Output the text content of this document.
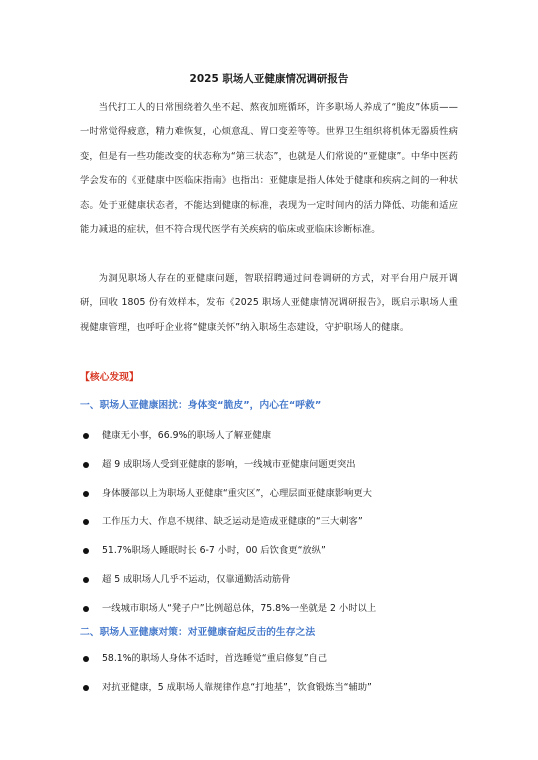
2025 职场人亚健康情况调研报告

当代打工人的日常围绕着久坐不起、熬夜加班循环，许多职场人养成了“脆皮”体质——一时常觉得疲意，精力难恢复，心烦意乱、胃口变差等等。世界卫生组织将机体无器质性病变，但是有一些功能改变的状态称为“第三状态”，也就是人们常说的“亚健康”。中华中医药学会发布的《亚健康中医临床指南》也指出：亚健康是指人体处于健康和疾病之间的一种状态。处于亚健康状态者，不能达到健康的标准，表现为一定时间内的活力降低、功能和适应能力减退的症状，但不符合现代医学有关疾病的临床或亚临床诊断标准。

为洞见职场人存在的亚健康问题，智联招聘通过问卷调研的方式，对平台用户展开调研，回收 1805 份有效样本，发布《2025 职场人亚健康情况调研报告》，既启示职场人重视健康管理，也呼吁企业将“健康关怀”纳入职场生态建设，守护职场人的健康。

【核心发现】
一、职场人亚健康困扰：身体变“脆皮”，内心在“呼救”
健康无小事，66.9%的职场人了解亚健康
超 9 成职场人受到亚健康的影响，一线城市亚健康问题更突出
身体腰部以上为职场人亚健康“重灾区”，心理层面亚健康影响更大
工作压力大、作息不规律、缺乏运动是造成亚健康的“三大刺客”
51.7%职场人睡眠时长 6-7 小时，00 后饮食更“放纵”
超 5 成职场人几乎不运动，仅靠通勤活动筋骨
一线城市职场人“凳子户”比例超总体，75.8%一坐就是 2 小时以上
二、职场人亚健康对策：对亚健康奋起反击的生存之法
58.1%的职场人身体不适时，首选睡觉“重启修复”自己
对抗亚健康，5 成职场人靠规律作息“打地基”，饮食锻炼当“辅助”
